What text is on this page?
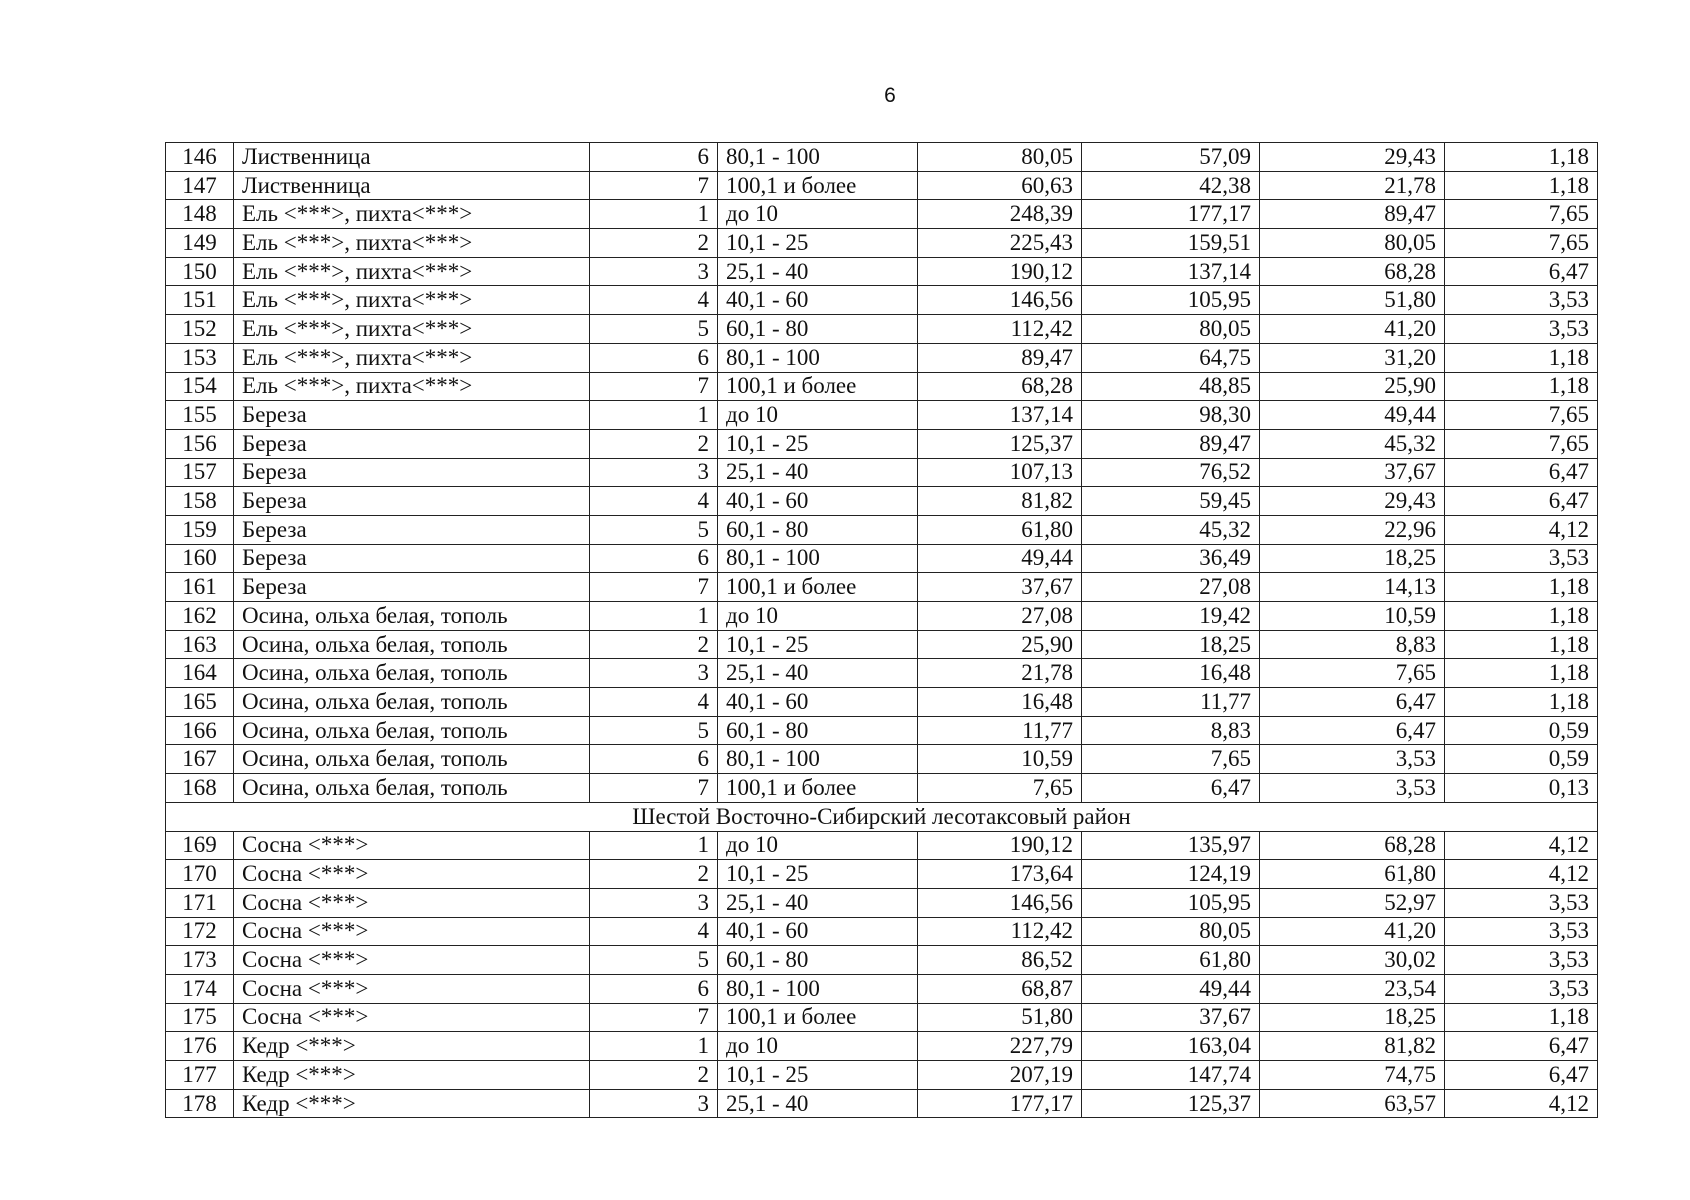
6
146	Лиственница	6	80,1 - 100	80,05	57,09	29,43	1,18
147	Лиственница	7	100,1 и более	60,63	42,38	21,78	1,18
148	Ель <***>, пихта<***>	1	до 10	248,39	177,17	89,47	7,65
149	Ель <***>, пихта<***>	2	10,1 - 25	225,43	159,51	80,05	7,65
150	Ель <***>, пихта<***>	3	25,1 - 40	190,12	137,14	68,28	6,47
151	Ель <***>, пихта<***>	4	40,1 - 60	146,56	105,95	51,80	3,53
152	Ель <***>, пихта<***>	5	60,1 - 80	112,42	80,05	41,20	3,53
153	Ель <***>, пихта<***>	6	80,1 - 100	89,47	64,75	31,20	1,18
154	Ель <***>, пихта<***>	7	100,1 и более	68,28	48,85	25,90	1,18
155	Береза	1	до 10	137,14	98,30	49,44	7,65
156	Береза	2	10,1 - 25	125,37	89,47	45,32	7,65
157	Береза	3	25,1 - 40	107,13	76,52	37,67	6,47
158	Береза	4	40,1 - 60	81,82	59,45	29,43	6,47
159	Береза	5	60,1 - 80	61,80	45,32	22,96	4,12
160	Береза	6	80,1 - 100	49,44	36,49	18,25	3,53
161	Береза	7	100,1 и более	37,67	27,08	14,13	1,18
162	Осина, ольха белая, тополь	1	до 10	27,08	19,42	10,59	1,18
163	Осина, ольха белая, тополь	2	10,1 - 25	25,90	18,25	8,83	1,18
164	Осина, ольха белая, тополь	3	25,1 - 40	21,78	16,48	7,65	1,18
165	Осина, ольха белая, тополь	4	40,1 - 60	16,48	11,77	6,47	1,18
166	Осина, ольха белая, тополь	5	60,1 - 80	11,77	8,83	6,47	0,59
167	Осина, ольха белая, тополь	6	80,1 - 100	10,59	7,65	3,53	0,59
168	Осина, ольха белая, тополь	7	100,1 и более	7,65	6,47	3,53	0,13
Шестой Восточно-Сибирский лесотаксовый район							
169	Сосна <***>	1	до 10	190,12	135,97	68,28	4,12
170	Сосна <***>	2	10,1 - 25	173,64	124,19	61,80	4,12
171	Сосна <***>	3	25,1 - 40	146,56	105,95	52,97	3,53
172	Сосна <***>	4	40,1 - 60	112,42	80,05	41,20	3,53
173	Сосна <***>	5	60,1 - 80	86,52	61,80	30,02	3,53
174	Сосна <***>	6	80,1 - 100	68,87	49,44	23,54	3,53
175	Сосна <***>	7	100,1 и более	51,80	37,67	18,25	1,18
176	Кедр <***>	1	до 10	227,79	163,04	81,82	6,47
177	Кедр <***>	2	10,1 - 25	207,19	147,74	74,75	6,47
178	Кедр <***>	3	25,1 - 40	177,17	125,37	63,57	4,12
